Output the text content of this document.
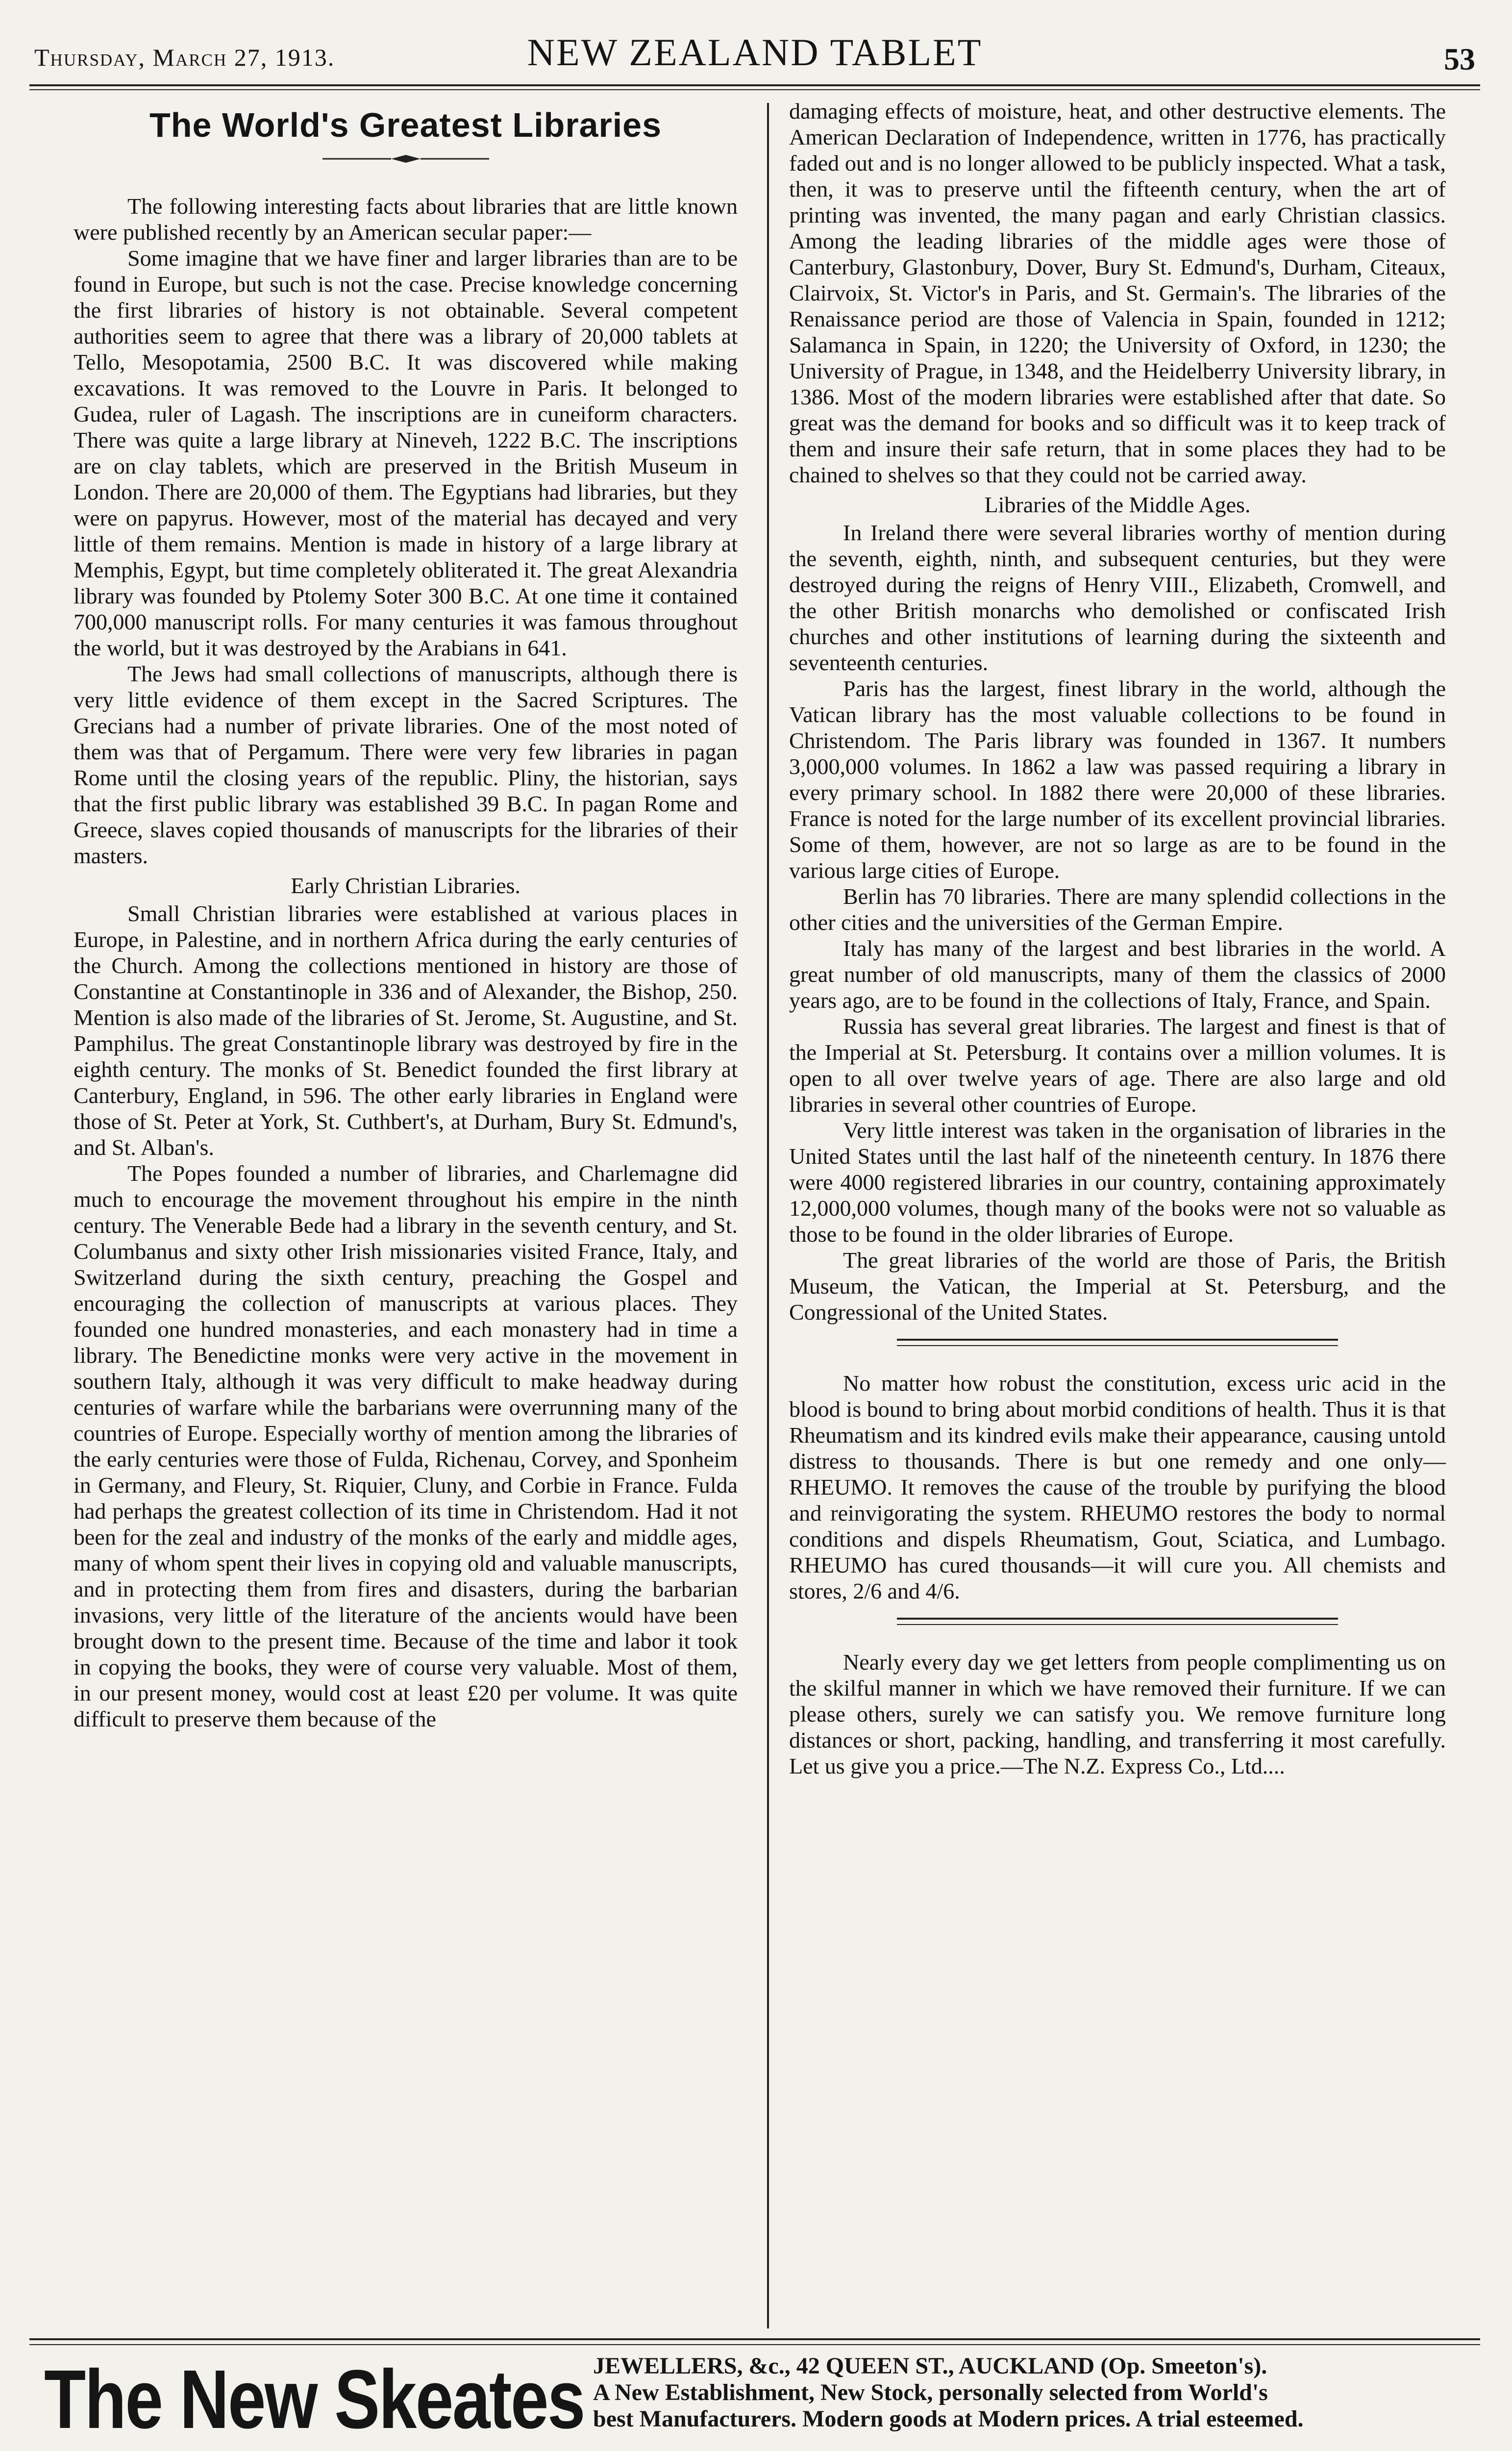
Thursday, March 27, 1913.	NEW ZEALAND TABLET	53
The World's Greatest Libraries

The following interesting facts about libraries that are little known were published recently by an American secular paper:—

Some imagine that we have finer and larger libraries than are to be found in Europe, but such is not the case. Precise knowledge concerning the first libraries of history is not obtainable. Several competent authorities seem to agree that there was a library of 20,000 tablets at Tello, Mesopotamia, 2500 B.C. It was discovered while making excavations. It was removed to the Louvre in Paris. It belonged to Gudea, ruler of Lagash. The inscriptions are in cuneiform characters. There was quite a large library at Nineveh, 1222 B.C. The inscriptions are on clay tablets, which are preserved in the British Museum in London. There are 20,000 of them. The Egyptians had libraries, but they were on papyrus. However, most of the material has decayed and very little of them remains. Mention is made in history of a large library at Memphis, Egypt, but time completely obliterated it. The great Alexandria library was founded by Ptolemy Soter 300 B.C. At one time it contained 700,000 manuscript rolls. For many centuries it was famous throughout the world, but it was destroyed by the Arabians in 641.

The Jews had small collections of manuscripts, although there is very little evidence of them except in the Sacred Scriptures. The Grecians had a number of private libraries. One of the most noted of them was that of Pergamum. There were very few libraries in pagan Rome until the closing years of the republic. Pliny, the historian, says that the first public library was established 39 B.C. In pagan Rome and Greece, slaves copied thousands of manuscripts for the libraries of their masters.

Early Christian Libraries.

Small Christian libraries were established at various places in Europe, in Palestine, and in northern Africa during the early centuries of the Church. Among the collections mentioned in history are those of Constantine at Constantinople in 336 and of Alexander, the Bishop, 250. Mention is also made of the libraries of St. Jerome, St. Augustine, and St. Pamphilus. The great Constantinople library was destroyed by fire in the eighth century. The monks of St. Benedict founded the first library at Canterbury, England, in 596. The other early libraries in England were those of St. Peter at York, St. Cuthbert's, at Durham, Bury St. Edmund's, and St. Alban's.

The Popes founded a number of libraries, and Charlemagne did much to encourage the movement throughout his empire in the ninth century. The Venerable Bede had a library in the seventh century, and St. Columbanus and sixty other Irish missionaries visited France, Italy, and Switzerland during the sixth century, preaching the Gospel and encouraging the collection of manuscripts at various places. They founded one hundred monasteries, and each monastery had in time a library. The Benedictine monks were very active in the movement in southern Italy, although it was very difficult to make headway during centuries of warfare while the barbarians were overrunning many of the countries of Europe. Especially worthy of mention among the libraries of the early centuries were those of Fulda, Richenau, Corvey, and Sponheim in Germany, and Fleury, St. Riquier, Cluny, and Corbie in France. Fulda had perhaps the greatest collection of its time in Christendom. Had it not been for the zeal and industry of the monks of the early and middle ages, many of whom spent their lives in copying old and valuable manuscripts, and in protecting them from fires and disasters, during the barbarian invasions, very little of the literature of the ancients would have been brought down to the present time. Because of the time and labor it took in copying the books, they were of course very valuable. Most of them, in our present money, would cost at least £20 per volume. It was quite difficult to preserve them because of the

damaging effects of moisture, heat, and other destructive elements. The American Declaration of Independence, written in 1776, has practically faded out and is no longer allowed to be publicly inspected. What a task, then, it was to preserve until the fifteenth century, when the art of printing was invented, the many pagan and early Christian classics. Among the leading libraries of the middle ages were those of Canterbury, Glastonbury, Dover, Bury St. Edmund's, Durham, Citeaux, Clairvoix, St. Victor's in Paris, and St. Germain's. The libraries of the Renaissance period are those of Valencia in Spain, founded in 1212; Salamanca in Spain, in 1220; the University of Oxford, in 1230; the University of Prague, in 1348, and the Heidelberry University library, in 1386. Most of the modern libraries were established after that date. So great was the demand for books and so difficult was it to keep track of them and insure their safe return, that in some places they had to be chained to shelves so that they could not be carried away.

Libraries of the Middle Ages.

In Ireland there were several libraries worthy of mention during the seventh, eighth, ninth, and subsequent centuries, but they were destroyed during the reigns of Henry VIII., Elizabeth, Cromwell, and the other British monarchs who demolished or confiscated Irish churches and other institutions of learning during the sixteenth and seventeenth centuries.

Paris has the largest, finest library in the world, although the Vatican library has the most valuable collections to be found in Christendom. The Paris library was founded in 1367. It numbers 3,000,000 volumes. In 1862 a law was passed requiring a library in every primary school. In 1882 there were 20,000 of these libraries. France is noted for the large number of its excellent provincial libraries. Some of them, however, are not so large as are to be found in the various large cities of Europe.

Berlin has 70 libraries. There are many splendid collections in the other cities and the universities of the German Empire.

Italy has many of the largest and best libraries in the world. A great number of old manuscripts, many of them the classics of 2000 years ago, are to be found in the collections of Italy, France, and Spain.

Russia has several great libraries. The largest and finest is that of the Imperial at St. Petersburg. It contains over a million volumes. It is open to all over twelve years of age. There are also large and old libraries in several other countries of Europe.

Very little interest was taken in the organisation of libraries in the United States until the last half of the nineteenth century. In 1876 there were 4000 registered libraries in our country, containing approximately 12,000,000 volumes, though many of the books were not so valuable as those to be found in the older libraries of Europe.

The great libraries of the world are those of Paris, the British Museum, the Vatican, the Imperial at St. Petersburg, and the Congressional of the United States.

No matter how robust the constitution, excess uric acid in the blood is bound to bring about morbid conditions of health. Thus it is that Rheumatism and its kindred evils make their appearance, causing untold distress to thousands. There is but one remedy and one only—RHEUMO. It removes the cause of the trouble by purifying the blood and reinvigorating the system. RHEUMO restores the body to normal conditions and dispels Rheumatism, Gout, Sciatica, and Lumbago. RHEUMO has cured thousands—it will cure you. All chemists and stores, 2/6 and 4/6.

Nearly every day we get letters from people complimenting us on the skilful manner in which we have removed their furniture. If we can please others, surely we can satisfy you. We remove furniture long distances or short, packing, handling, and transferring it most carefully. Let us give you a price.—The N.Z. Express Co., Ltd....

The New Skeates JEWELLERS, &c., 42 QUEEN ST., AUCKLAND (Op. Smeeton's).
A New Establishment, New Stock, personally selected from World's
best Manufacturers. Modern goods at Modern prices. A trial esteemed.
